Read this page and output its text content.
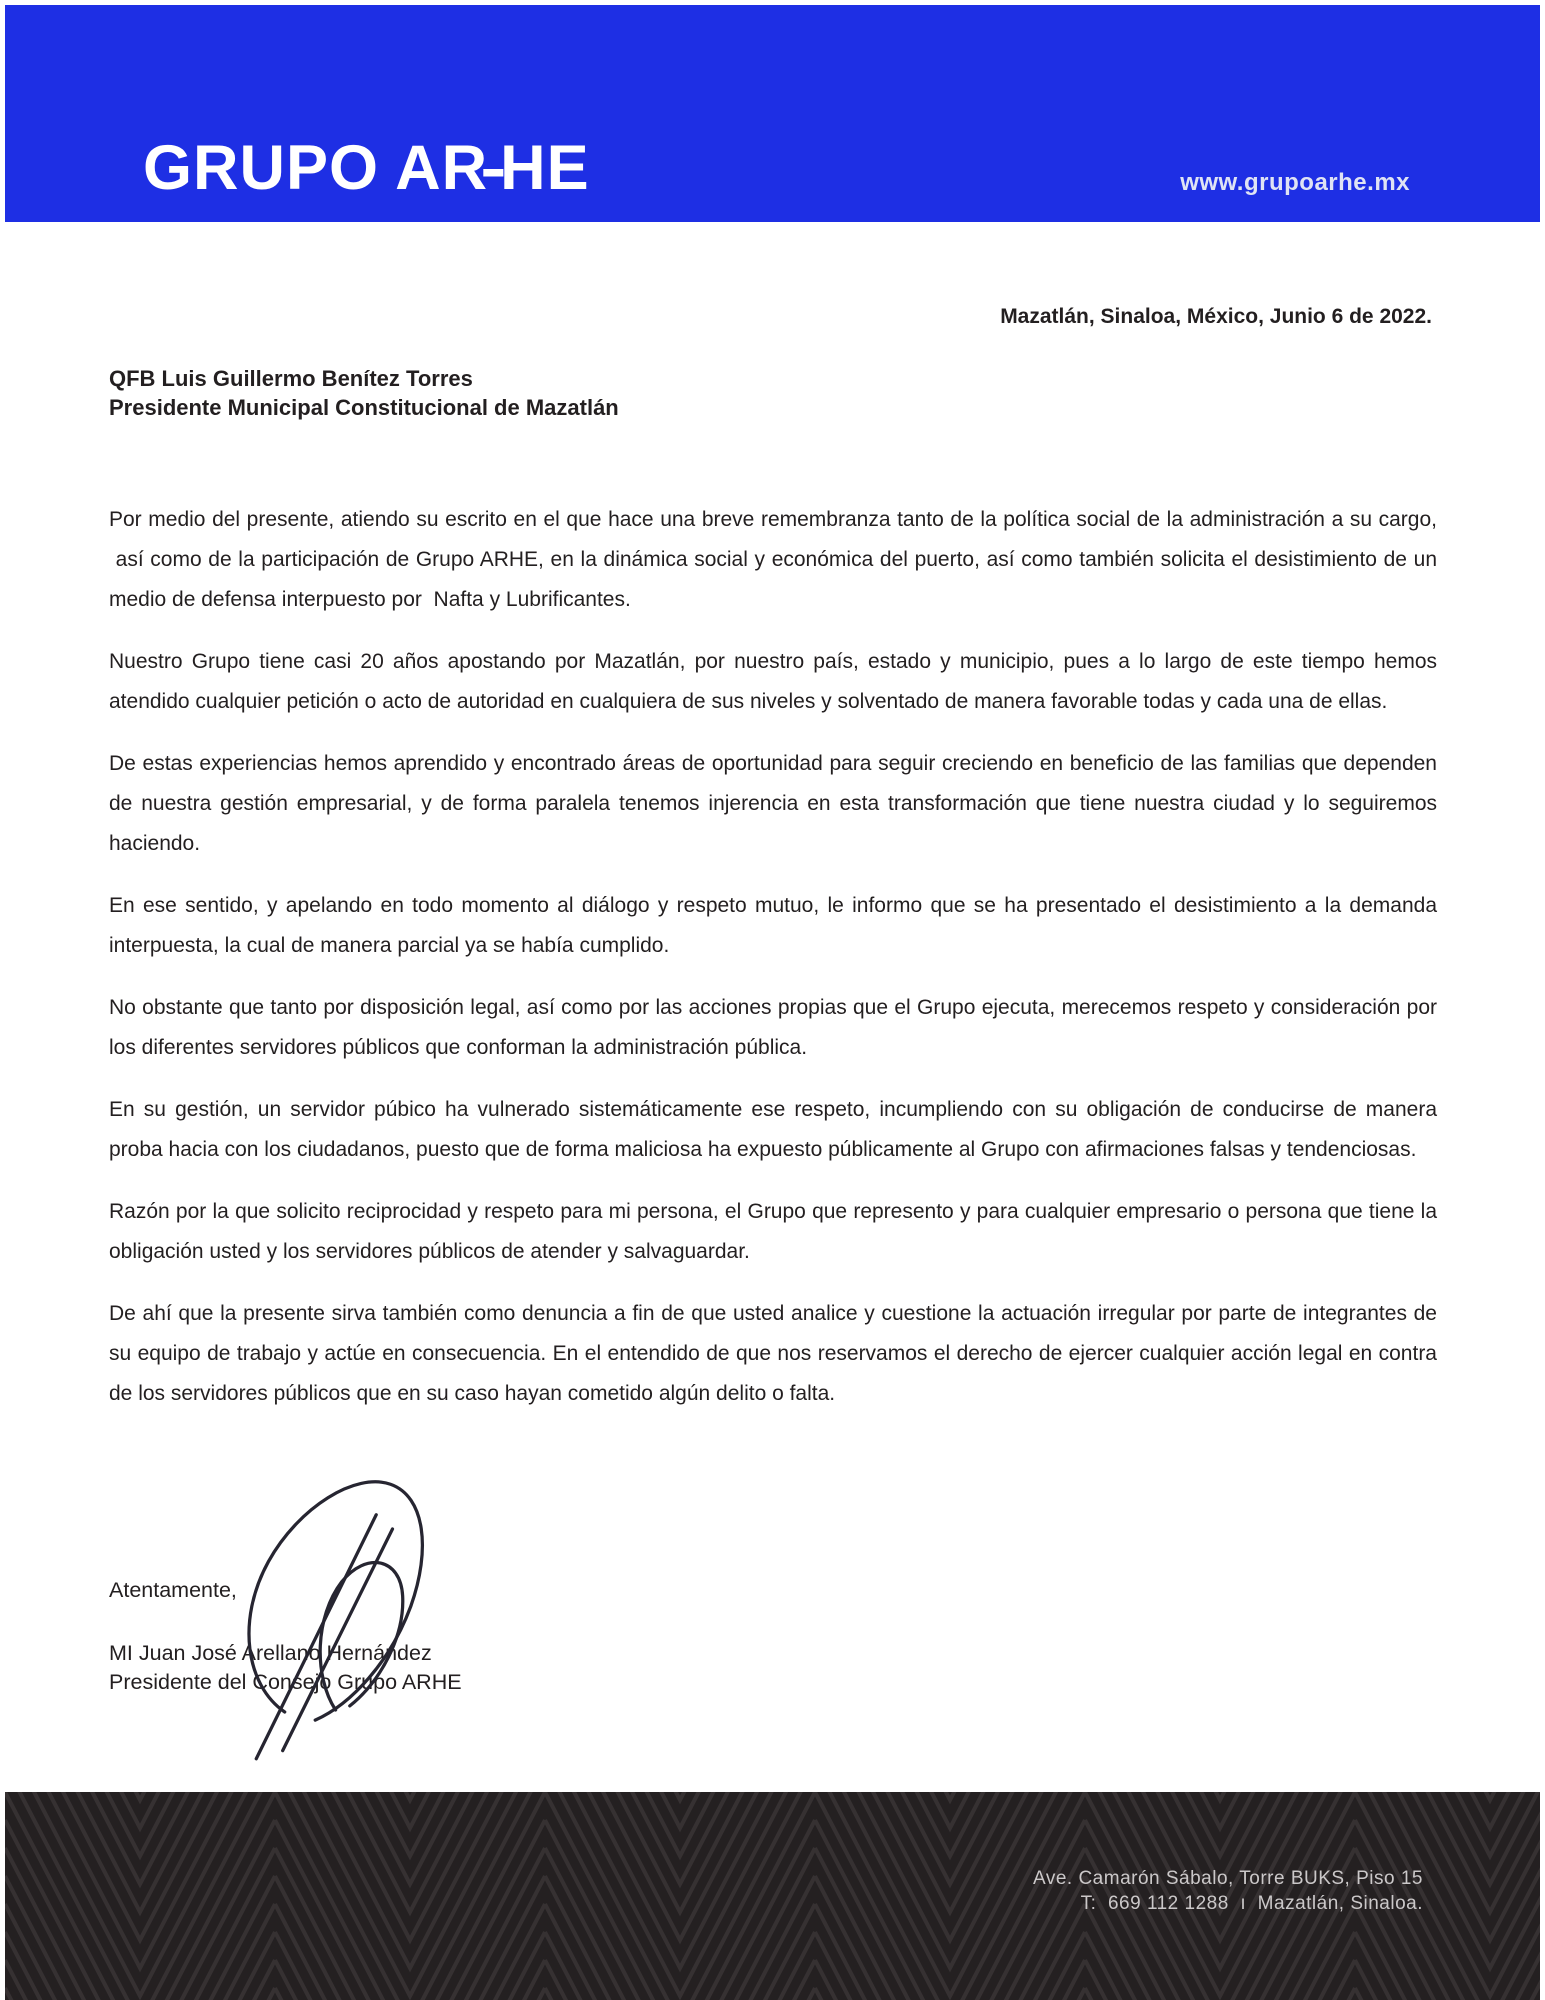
GRUPO AR-HE	www.grupoarhe.mx
Mazatlán, Sinaloa, México, Junio 6 de 2022.
QFB Luis Guillermo Benítez Torres
Presidente Municipal Constitucional de Mazatlán

Por medio del presente, atiendo su escrito en el que hace una breve remembranza tanto de la política social de la administración a su cargo,  así como de la participación de Grupo ARHE, en la dinámica social y económica del puerto, así como también solicita el desistimiento de un medio de defensa interpuesto por  Nafta y Lubrificantes.

Nuestro Grupo tiene casi 20 años apostando por Mazatlán, por nuestro país, estado y municipio, pues a lo largo de este tiempo hemos atendido cualquier petición o acto de autoridad en cualquiera de sus niveles y solventado de manera favorable todas y cada una de ellas.

De estas experiencias hemos aprendido y encontrado áreas de oportunidad para seguir creciendo en beneficio de las familias que dependen de nuestra gestión empresarial, y de forma paralela tenemos injerencia en esta transformación que tiene nuestra ciudad y lo seguiremos haciendo.

En ese sentido, y apelando en todo momento al diálogo y respeto mutuo, le informo que se ha presentado el desistimiento a la demanda interpuesta, la cual de manera parcial ya se había cumplido.

No obstante que tanto por disposición legal, así como por las acciones propias que el Grupo ejecuta, merecemos respeto y consideración por los diferentes servidores públicos que conforman la administración pública.

En su gestión, un servidor púbico ha vulnerado sistemáticamente ese respeto, incumpliendo con su obligación de conducirse de manera proba hacia con los ciudadanos, puesto que de forma maliciosa ha expuesto públicamente al Grupo con afirmaciones falsas y tendenciosas.

Razón por la que solicito reciprocidad y respeto para mi persona, el Grupo que represento y para cualquier empresario o persona que tiene la obligación usted y los servidores públicos de atender y salvaguardar.

De ahí que la presente sirva también como denuncia a fin de que usted analice y cuestione la actuación irregular por parte de integrantes de su equipo de trabajo y actúe en consecuencia. En el entendido de que nos reservamos el derecho de ejercer cualquier acción legal en contra de los servidores públicos que en su caso hayan cometido algún delito o falta.

Atentamente,
MI Juan José Arellano Hernández
Presidente del Consejo Grupo ARHE
Ave. Camarón Sábalo, Torre BUKS, Piso 15
T:  669 112 1288  ı  Mazatlán, Sinaloa.
